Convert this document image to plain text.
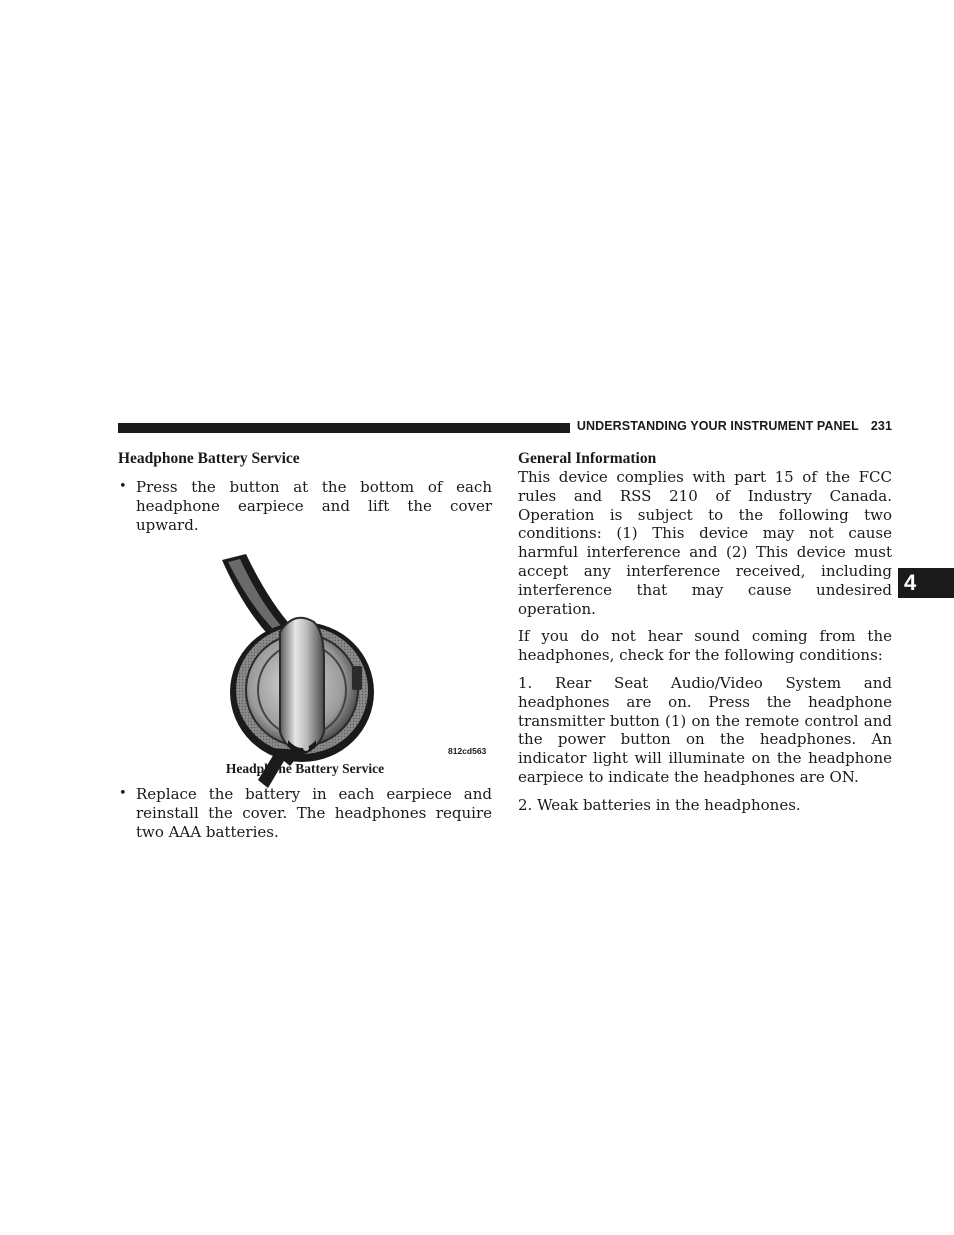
UNDERSTANDING YOUR INSTRUMENT PANEL 231
Headphone Battery Service
• Press the button at the bottom of each headphone earpiece and lift the cover upward.
812cd563
Headphone Battery Service
• Replace the battery in each earpiece and reinstall the cover. The headphones require two AAA batteries.
General Information

This device complies with part 15 of the FCC rules and RSS 210 of Industry Canada. Operation is subject to the following two conditions: (1) This device may not cause harmful interference and (2) This device must accept any interference received, including interference that may cause undesired operation.

If you do not hear sound coming from the headphones, check for the following conditions:

1. Rear Seat Audio/Video System and headphones are on. Press the headphone transmitter button (1) on the remote control and the power button on the headphones. An indicator light will illuminate on the headphone earpiece to indicate the headphones are ON.

2. Weak batteries in the headphones.

4
